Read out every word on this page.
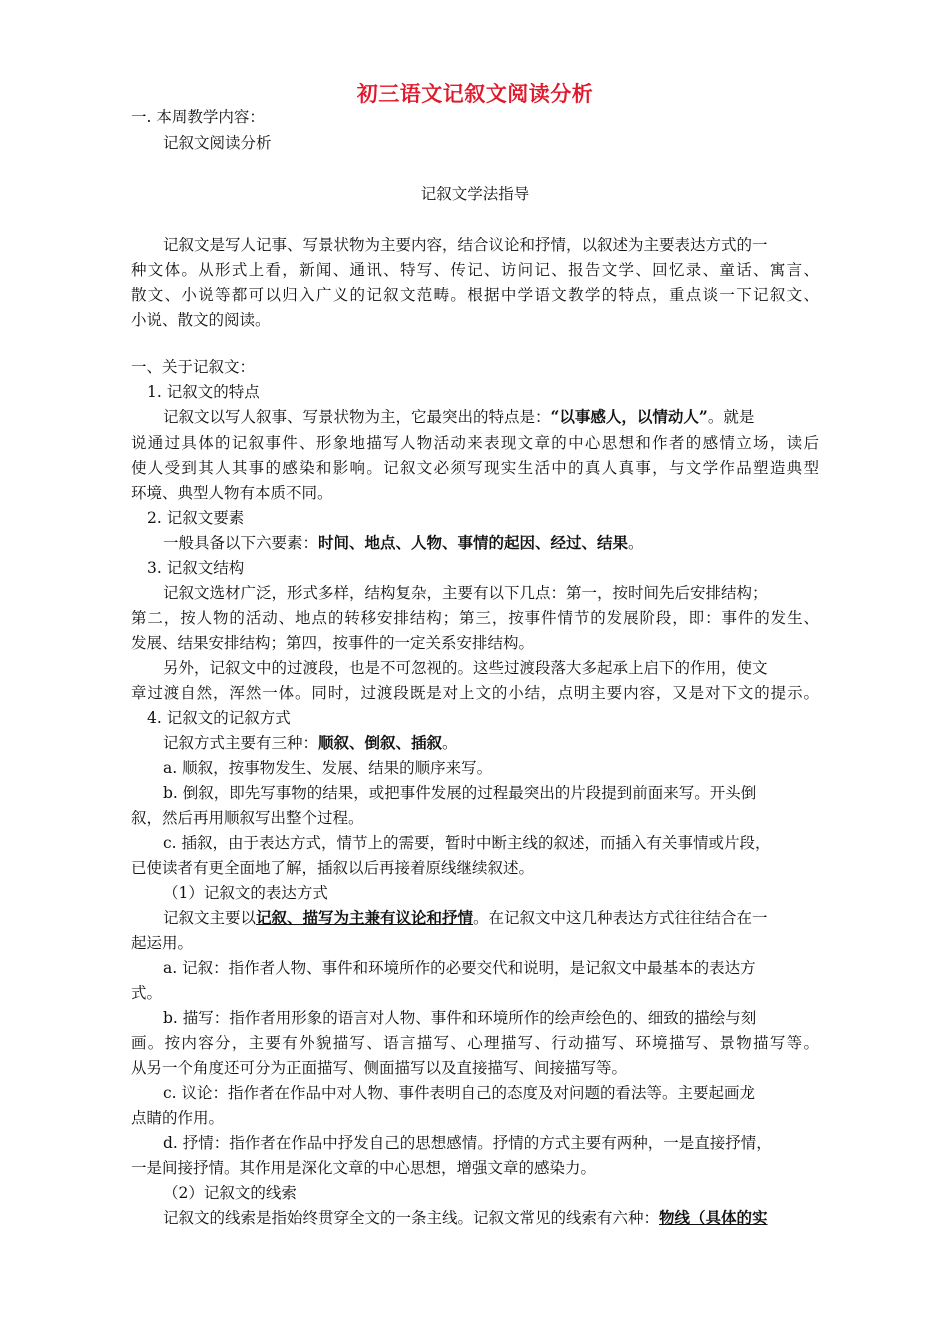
初三语文记叙文阅读分析
一. 本周教学内容：
记叙文阅读分析
记叙文学法指导
记叙文是写人记事、写景状物为主要内容，结合议论和抒情，以叙述为主要表达方式的一
种文体。从形式上看，新闻、通讯、特写、传记、访问记、报告文学、回忆录、童话、寓言、
散文、小说等都可以归入广义的记叙文范畴。根据中学语文教学的特点，重点谈一下记叙文、
小说、散文的阅读。
一、关于记叙文：
1. 记叙文的特点
记叙文以写人叙事、写景状物为主，它最突出的特点是：“以事感人，以情动人”。就是
说通过具体的记叙事件、形象地描写人物活动来表现文章的中心思想和作者的感情立场，读后
使人受到其人其事的感染和影响。记叙文必须写现实生活中的真人真事，与文学作品塑造典型
环境、典型人物有本质不同。
2. 记叙文要素
一般具备以下六要素：时间、地点、人物、事情的起因、经过、结果。
3. 记叙文结构
记叙文选材广泛，形式多样，结构复杂，主要有以下几点：第一，按时间先后安排结构；
第二，按人物的活动、地点的转移安排结构；第三，按事件情节的发展阶段，即：事件的发生、
发展、结果安排结构；第四，按事件的一定关系安排结构。
另外，记叙文中的过渡段，也是不可忽视的。这些过渡段落大多起承上启下的作用，使文
章过渡自然，浑然一体。同时，过渡段既是对上文的小结，点明主要内容，又是对下文的提示。
4. 记叙文的记叙方式
记叙方式主要有三种：顺叙、倒叙、插叙。
a. 顺叙，按事物发生、发展、结果的顺序来写。
b. 倒叙，即先写事物的结果，或把事件发展的过程最突出的片段提到前面来写。开头倒
叙，然后再用顺叙写出整个过程。
c. 插叙，由于表达方式，情节上的需要，暂时中断主线的叙述，而插入有关事情或片段，
已使读者有更全面地了解，插叙以后再接着原线继续叙述。
（1）记叙文的表达方式
记叙文主要以记叙、描写为主兼有议论和抒情。在记叙文中这几种表达方式往往结合在一
起运用。
a. 记叙：指作者人物、事件和环境所作的必要交代和说明，是记叙文中最基本的表达方
式。
b. 描写：指作者用形象的语言对人物、事件和环境所作的绘声绘色的、细致的描绘与刻
画。按内容分，主要有外貌描写、语言描写、心理描写、行动描写、环境描写、景物描写等。
从另一个角度还可分为正面描写、侧面描写以及直接描写、间接描写等。
c. 议论：指作者在作品中对人物、事件表明自己的态度及对问题的看法等。主要起画龙
点睛的作用。
d. 抒情：指作者在作品中抒发自己的思想感情。抒情的方式主要有两种，一是直接抒情，
一是间接抒情。其作用是深化文章的中心思想，增强文章的感染力。
（2）记叙文的线索
记叙文的线索是指始终贯穿全文的一条主线。记叙文常见的线索有六种：物线（具体的实
